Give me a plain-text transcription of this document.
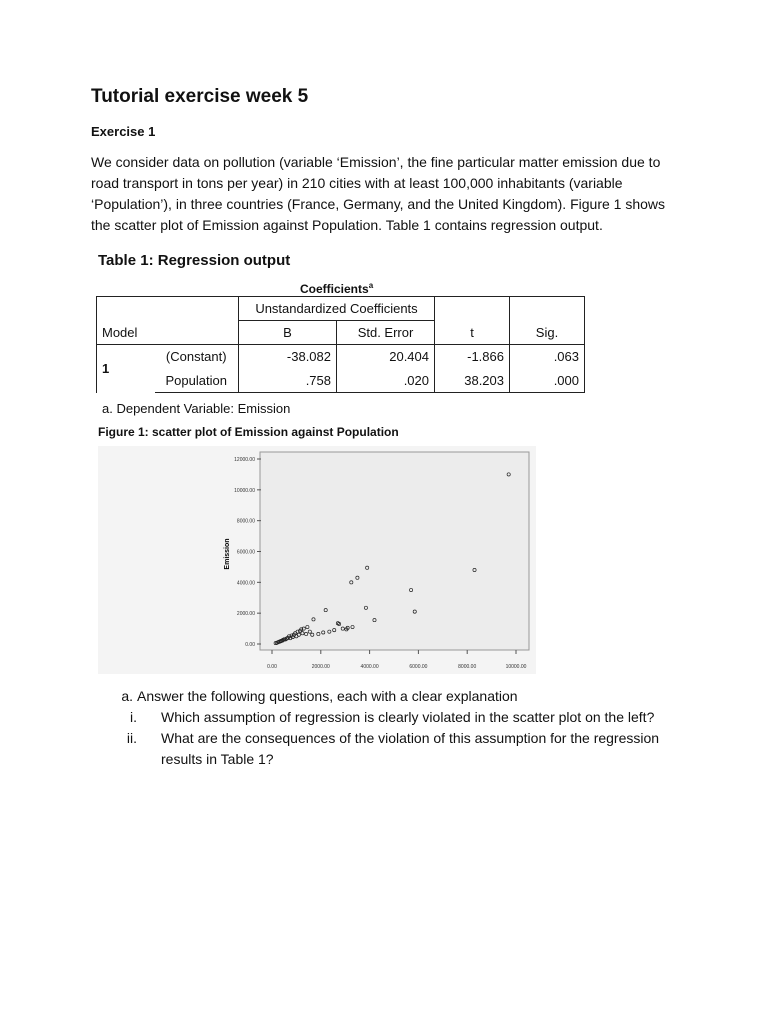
Tutorial exercise week 5
Exercise 1

We consider data on pollution (variable ‘Emission’, the fine particular matter emission due to
road transport in tons per year) in 210 cities with at least 100,000 inhabitants (variable
‘Population’), in three countries (France, Germany, and the United Kingdom). Figure 1 shows
the scatter plot of Emission against Population. Table 1 contains regression output.

Table 1: Regression output
Coefficients$^a$
		Unstandardized Coefficients			
Model		B	Std. Error	t	Sig.
1	(Constant)	-38.082	20.404	-1.866	.063
	Population	.758	.020	38.203	.000
a. Dependent Variable: Emission
Figure 1: scatter plot of Emission against Population
0.00
2000.00
4000.00
6000.00
8000.00
10000.00
12000.00
0.00	2000.00	4000.00	6000.00	8000.00	10000.00
Emission
a. Answer the following questions, each with a clear explanation
i. Which assumption of regression is clearly violated in the scatter plot on the left?
ii. What are the consequences of the violation of this assumption for the regression
results in Table 1?
